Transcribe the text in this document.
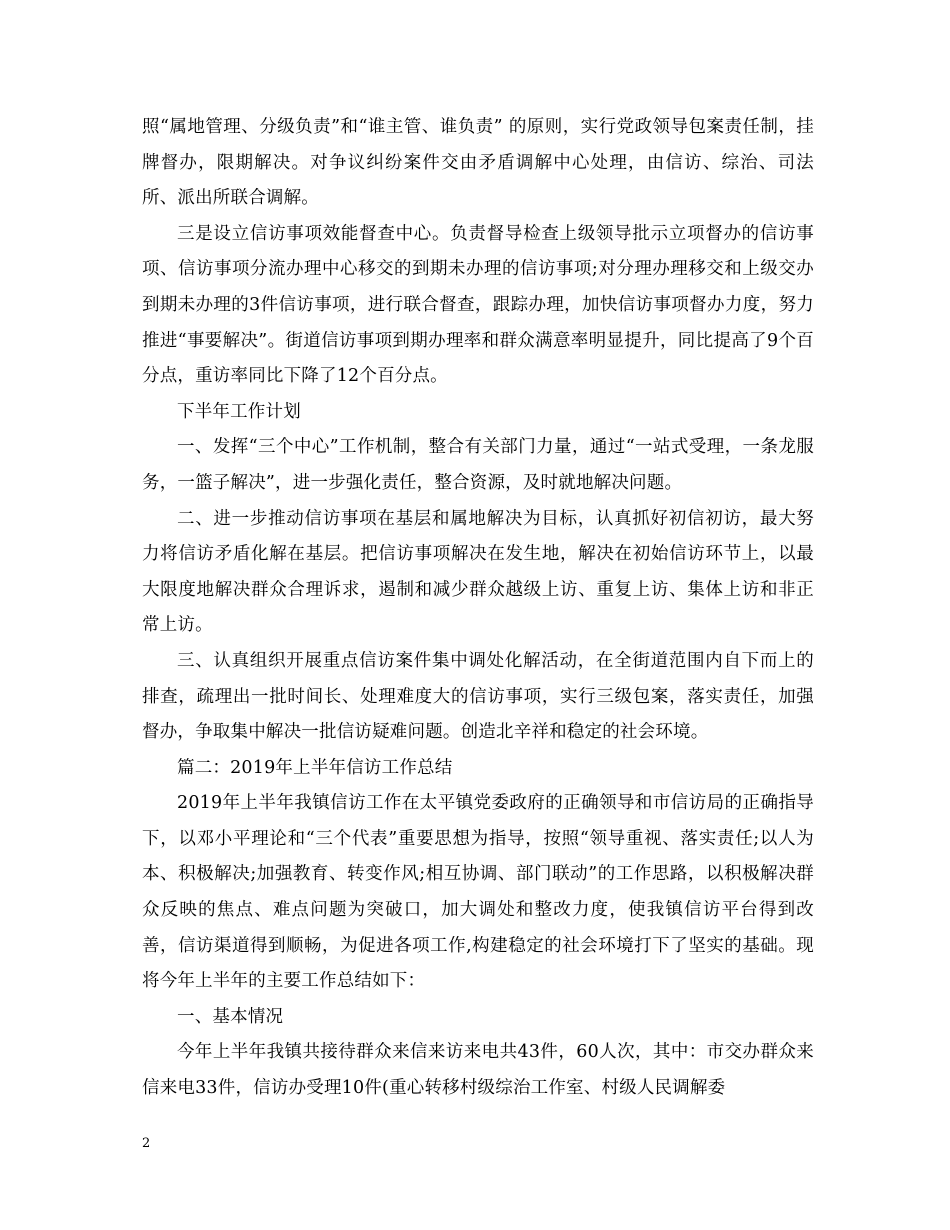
照“属地管理、分级负责”和“谁主管、谁负责” 的原则，实行党政领导包案责任制，挂牌督办，限期解决。对争议纠纷案件交由矛盾调解中心处理，由信访、综治、司法所、派出所联合调解。

三是设立信访事项效能督查中心。负责督导检查上级领导批示立项督办的信访事项、信访事项分流办理中心移交的到期未办理的信访事项;对分理办理移交和上级交办到期未办理的3件信访事项，进行联合督查，跟踪办理，加快信访事项督办力度，努力推进“事要解决”。街道信访事项到期办理率和群众满意率明显提升，同比提高了9个百分点，重访率同比下降了12个百分点。

下半年工作计划

一、发挥“三个中心”工作机制，整合有关部门力量，通过“一站式受理，一条龙服务，一篮子解决”，进一步强化责任，整合资源，及时就地解决问题。

二、进一步推动信访事项在基层和属地解决为目标，认真抓好初信初访，最大努力将信访矛盾化解在基层。把信访事项解决在发生地，解决在初始信访环节上，以最大限度地解决群众合理诉求，遏制和减少群众越级上访、重复上访、集体上访和非正常上访。

三、认真组织开展重点信访案件集中调处化解活动，在全街道范围内自下而上的排查，疏理出一批时间长、处理难度大的信访事项，实行三级包案，落实责任，加强督办，争取集中解决一批信访疑难问题。创造北辛祥和稳定的社会环境。

篇二：2019年上半年信访工作总结

2019年上半年我镇信访工作在太平镇党委政府的正确领导和市信访局的正确指导下，以邓小平理论和“三个代表”重要思想为指导，按照“领导重视、落实责任;以人为本、积极解决;加强教育、转变作风;相互协调、部门联动”的工作思路，以积极解决群众反映的焦点、难点问题为突破口，加大调处和整改力度，使我镇信访平台得到改善，信访渠道得到顺畅，为促进各项工作,构建稳定的社会环境打下了坚实的基础。现将今年上半年的主要工作总结如下：

一、基本情况

今年上半年我镇共接待群众来信来访来电共43件，60人次，其中：市交办群众来信来电33件，信访办受理10件(重心转移村级综治工作室、村级人民调解委

2
